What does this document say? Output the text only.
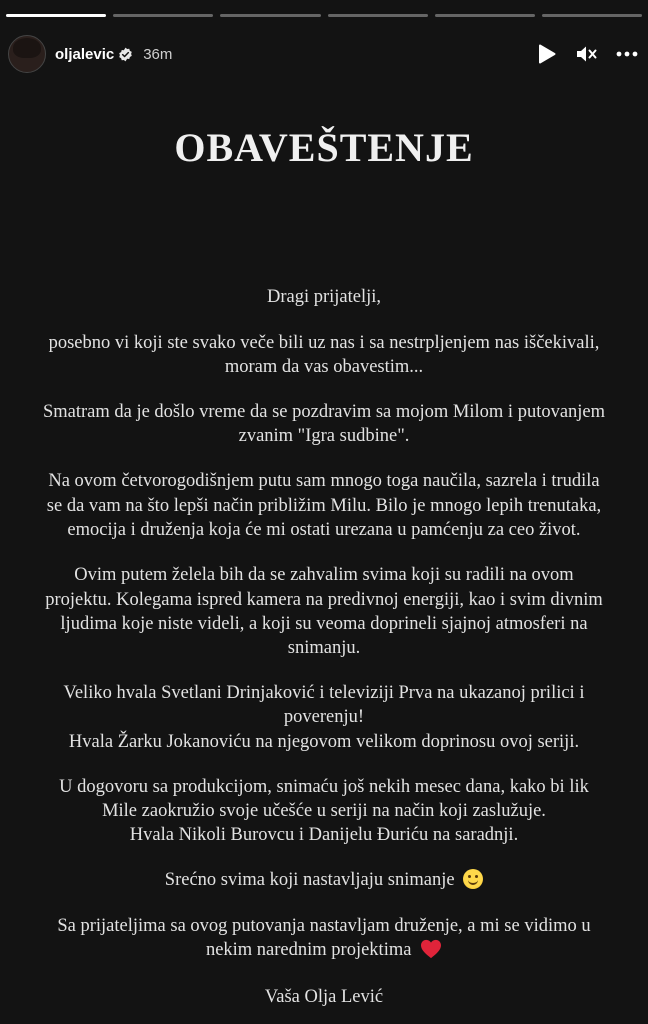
oljalevic 36m
OBAVEŠTENJE
Dragi prijatelji,
posebno vi koji ste svako veče bili uz nas i sa nestrpljenjem nas iščekivali,
moram da vas obavestim...
Smatram da je došlo vreme da se pozdravim sa mojom Milom i putovanjem
zvanim "Igra sudbine".
Na ovom četvorogodišnjem putu sam mnogo toga naučila, sazrela i trudila
se da vam na što lepši način približim Milu. Bilo je mnogo lepih trenutaka,
emocija i druženja koja će mi ostati urezana u pamćenju za ceo život.
Ovim putem želela bih da se zahvalim svima koji su radili na ovom
projektu. Kolegama ispred kamera na predivnoj energiji, kao i svim divnim
ljudima koje niste videli, a koji su veoma doprineli sjajnoj atmosferi na
snimanju.
Veliko hvala Svetlani Drinjaković i televiziji Prva na ukazanoj prilici i
poverenju!
Hvala Žarku Jokanoviću na njegovom velikom doprinosu ovoj seriji.
U dogovoru sa produkcijom, snimaću još nekih mesec dana, kako bi lik
Mile zaokružio svoje učešće u seriji na način koji zaslužuje.
Hvala Nikoli Burovcu i Danijelu Đuriću na saradnji.
Srećno svima koji nastavljaju snimanje
Sa prijateljima sa ovog putovanja nastavljam druženje, a mi se vidimo u
nekim narednim projektima
Vaša Olja Lević
